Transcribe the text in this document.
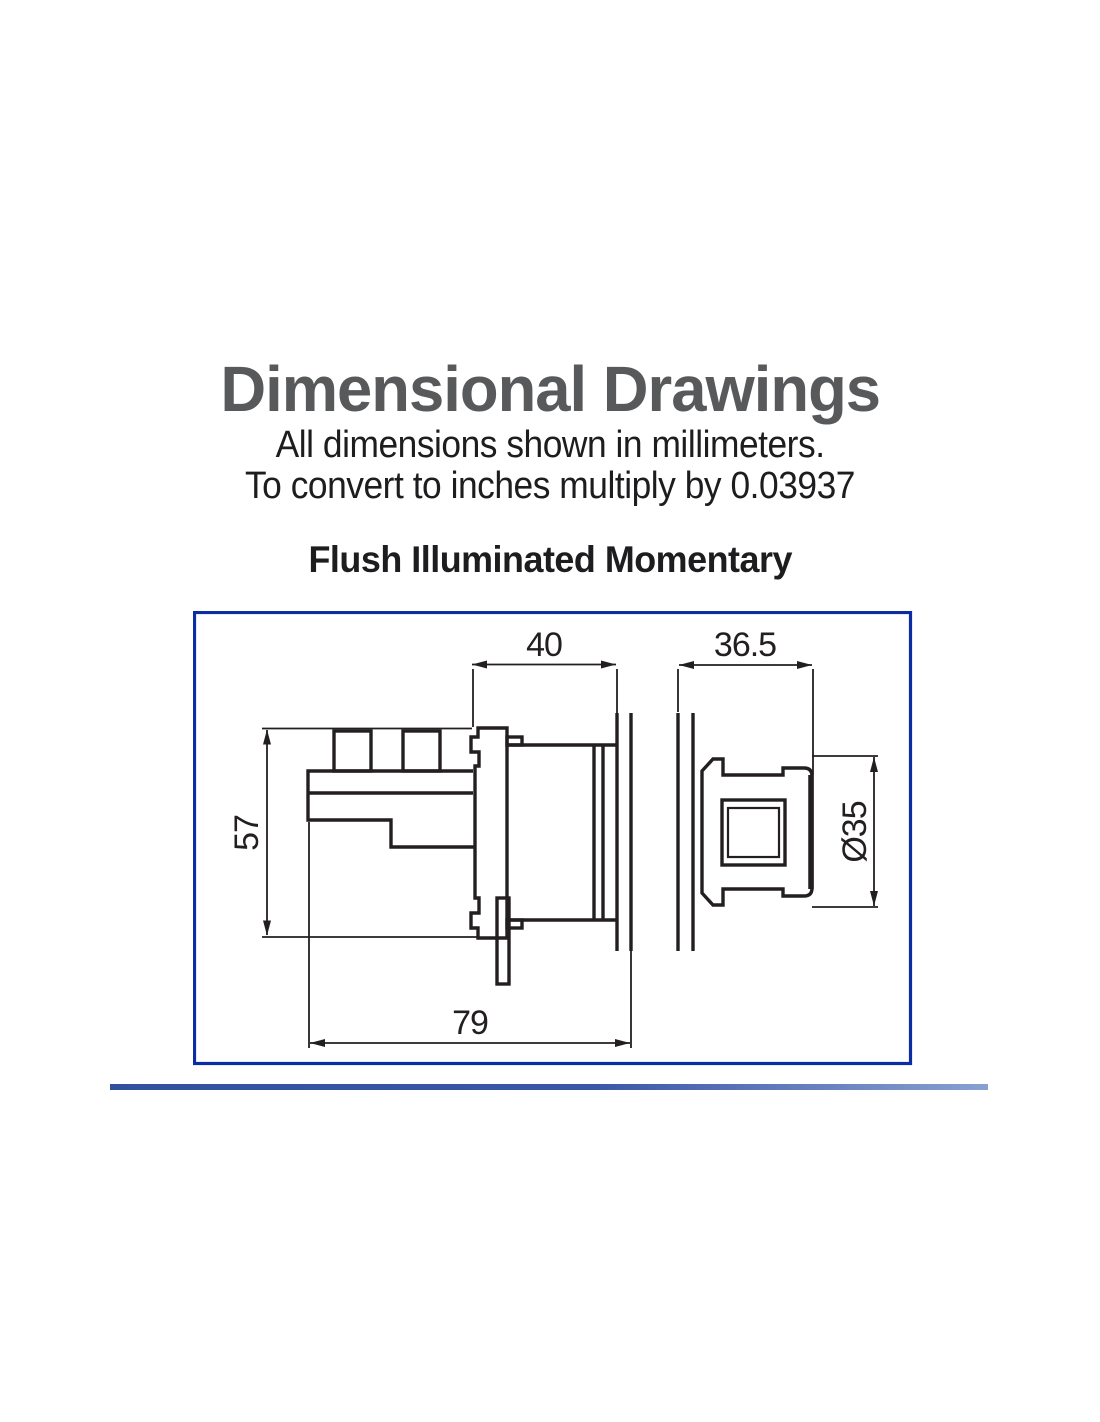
Dimensional Drawings
All dimensions shown in millimeters.
To convert to inches multiply by 0.03937
Flush Illuminated Momentary
40	36.5
57
79
Ø35
